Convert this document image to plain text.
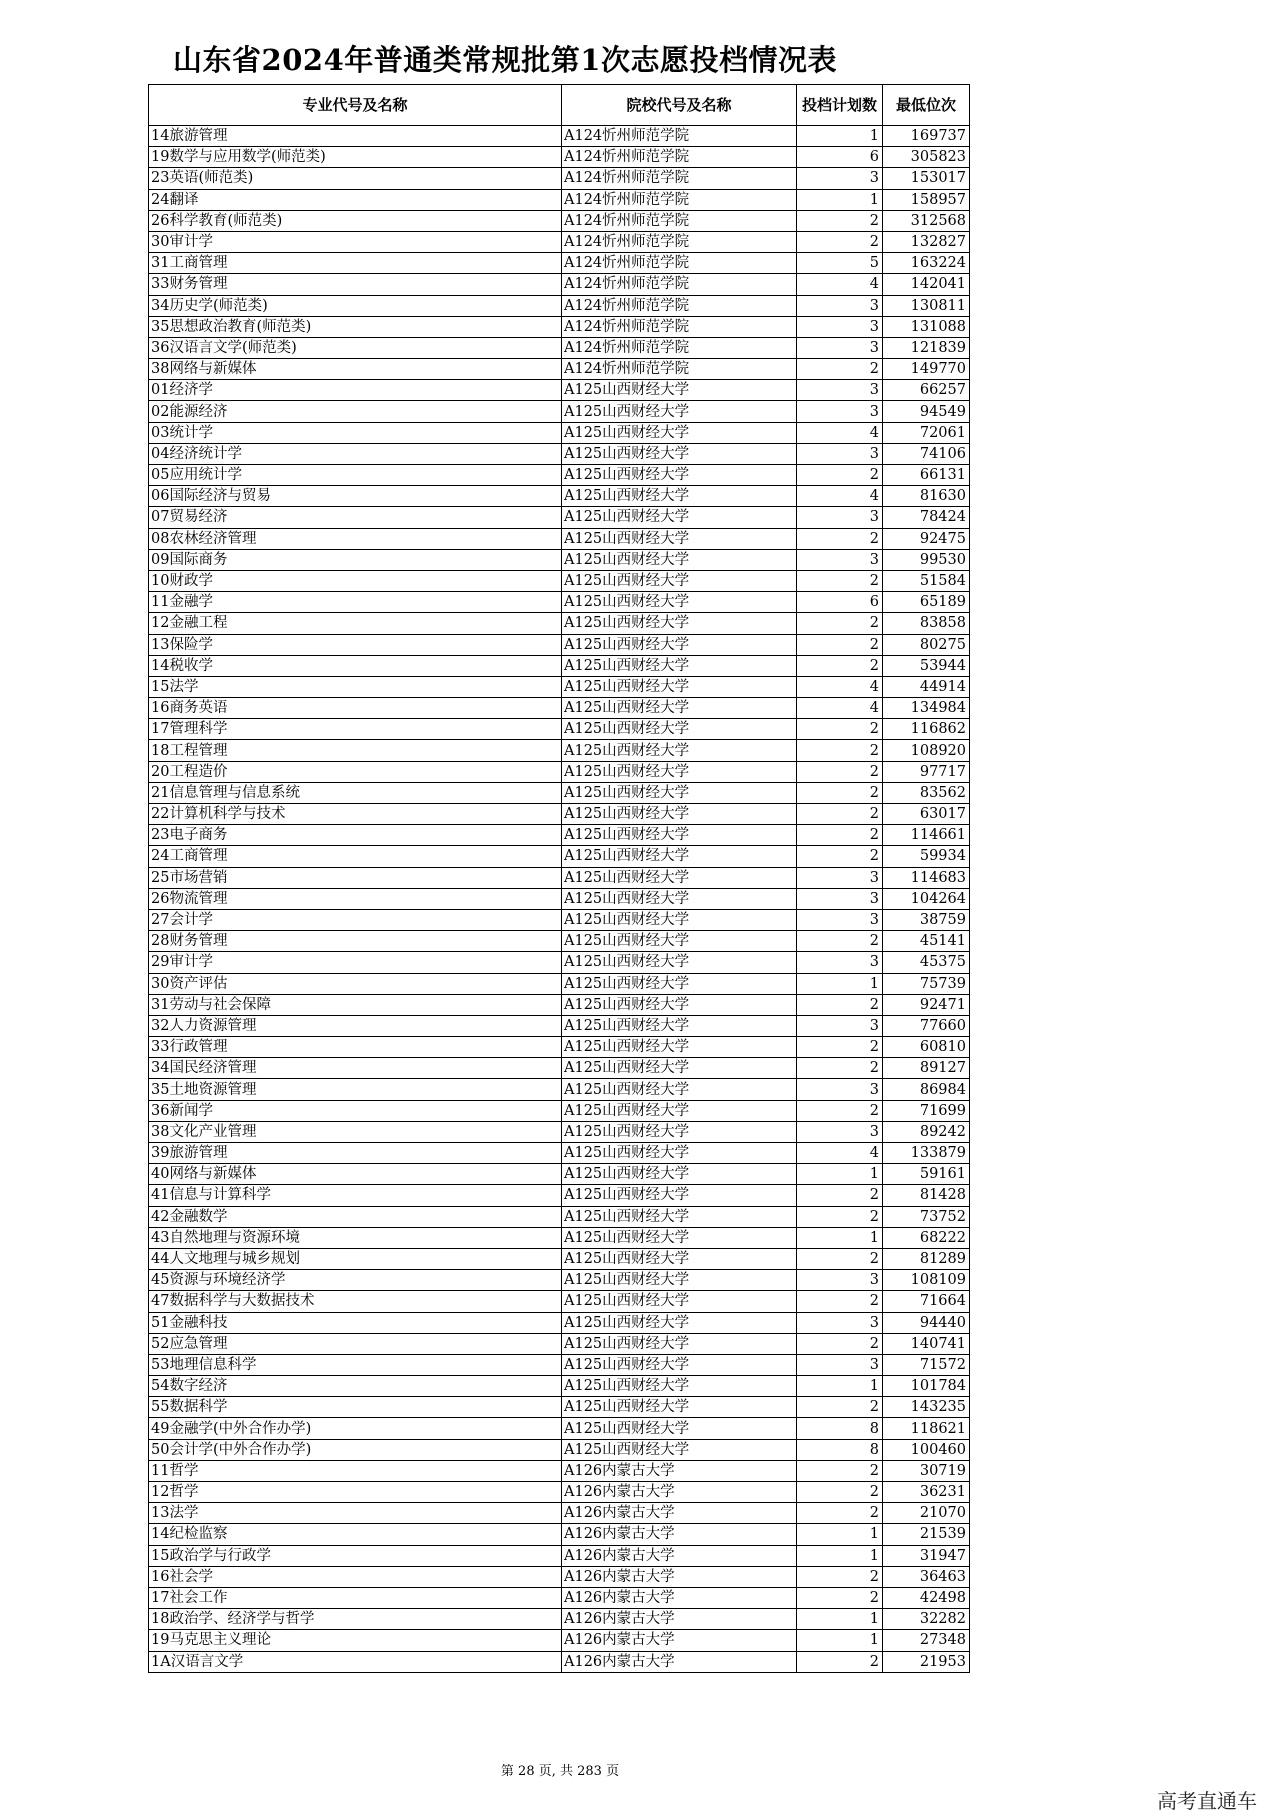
山东省2024年普通类常规批第1次志愿投档情况表
专业代号及名称	院校代号及名称	投档计划数	最低位次
14旅游管理	A124忻州师范学院	1	169737
19数学与应用数学(师范类)	A124忻州师范学院	6	305823
23英语(师范类)	A124忻州师范学院	3	153017
24翻译	A124忻州师范学院	1	158957
26科学教育(师范类)	A124忻州师范学院	2	312568
30审计学	A124忻州师范学院	2	132827
31工商管理	A124忻州师范学院	5	163224
33财务管理	A124忻州师范学院	4	142041
34历史学(师范类)	A124忻州师范学院	3	130811
35思想政治教育(师范类)	A124忻州师范学院	3	131088
36汉语言文学(师范类)	A124忻州师范学院	3	121839
38网络与新媒体	A124忻州师范学院	2	149770
01经济学	A125山西财经大学	3	66257
02能源经济	A125山西财经大学	3	94549
03统计学	A125山西财经大学	4	72061
04经济统计学	A125山西财经大学	3	74106
05应用统计学	A125山西财经大学	2	66131
06国际经济与贸易	A125山西财经大学	4	81630
07贸易经济	A125山西财经大学	3	78424
08农林经济管理	A125山西财经大学	2	92475
09国际商务	A125山西财经大学	3	99530
10财政学	A125山西财经大学	2	51584
11金融学	A125山西财经大学	6	65189
12金融工程	A125山西财经大学	2	83858
13保险学	A125山西财经大学	2	80275
14税收学	A125山西财经大学	2	53944
15法学	A125山西财经大学	4	44914
16商务英语	A125山西财经大学	4	134984
17管理科学	A125山西财经大学	2	116862
18工程管理	A125山西财经大学	2	108920
20工程造价	A125山西财经大学	2	97717
21信息管理与信息系统	A125山西财经大学	2	83562
22计算机科学与技术	A125山西财经大学	2	63017
23电子商务	A125山西财经大学	2	114661
24工商管理	A125山西财经大学	2	59934
25市场营销	A125山西财经大学	3	114683
26物流管理	A125山西财经大学	3	104264
27会计学	A125山西财经大学	3	38759
28财务管理	A125山西财经大学	2	45141
29审计学	A125山西财经大学	3	45375
30资产评估	A125山西财经大学	1	75739
31劳动与社会保障	A125山西财经大学	2	92471
32人力资源管理	A125山西财经大学	3	77660
33行政管理	A125山西财经大学	2	60810
34国民经济管理	A125山西财经大学	2	89127
35土地资源管理	A125山西财经大学	3	86984
36新闻学	A125山西财经大学	2	71699
38文化产业管理	A125山西财经大学	3	89242
39旅游管理	A125山西财经大学	4	133879
40网络与新媒体	A125山西财经大学	1	59161
41信息与计算科学	A125山西财经大学	2	81428
42金融数学	A125山西财经大学	2	73752
43自然地理与资源环境	A125山西财经大学	1	68222
44人文地理与城乡规划	A125山西财经大学	2	81289
45资源与环境经济学	A125山西财经大学	3	108109
47数据科学与大数据技术	A125山西财经大学	2	71664
51金融科技	A125山西财经大学	3	94440
52应急管理	A125山西财经大学	2	140741
53地理信息科学	A125山西财经大学	3	71572
54数字经济	A125山西财经大学	1	101784
55数据科学	A125山西财经大学	2	143235
49金融学(中外合作办学)	A125山西财经大学	8	118621
50会计学(中外合作办学)	A125山西财经大学	8	100460
11哲学	A126内蒙古大学	2	30719
12哲学	A126内蒙古大学	2	36231
13法学	A126内蒙古大学	2	21070
14纪检监察	A126内蒙古大学	1	21539
15政治学与行政学	A126内蒙古大学	1	31947
16社会学	A126内蒙古大学	2	36463
17社会工作	A126内蒙古大学	2	42498
18政治学、经济学与哲学	A126内蒙古大学	1	32282
19马克思主义理论	A126内蒙古大学	1	27348
1A汉语言文学	A126内蒙古大学	2	21953
第 28 页, 共 283 页
高考直通车
